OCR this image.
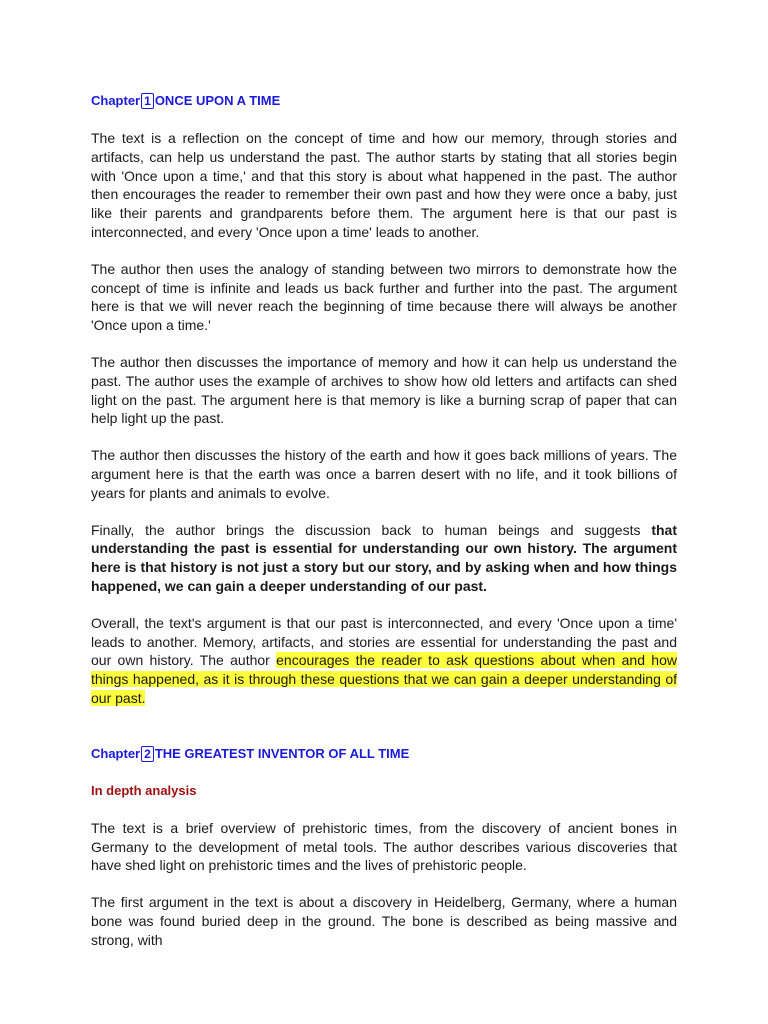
Chapter 1 ONCE UPON A TIME

The text is a reflection on the concept of time and how our memory, through stories and artifacts, can help us understand the past. The author starts by stating that all stories begin with 'Once upon a time,' and that this story is about what happened in the past. The author then encourages the reader to remember their own past and how they were once a baby, just like their parents and grandparents before them. The argument here is that our past is interconnected, and every 'Once upon a time' leads to another.

The author then uses the analogy of standing between two mirrors to demonstrate how the concept of time is infinite and leads us back further and further into the past. The argument here is that we will never reach the beginning of time because there will always be another 'Once upon a time.'

The author then discusses the importance of memory and how it can help us understand the past. The author uses the example of archives to show how old letters and artifacts can shed light on the past. The argument here is that memory is like a burning scrap of paper that can help light up the past.

The author then discusses the history of the earth and how it goes back millions of years. The argument here is that the earth was once a barren desert with no life, and it took billions of years for plants and animals to evolve.

Finally, the author brings the discussion back to human beings and suggests that understanding the past is essential for understanding our own history. The argument here is that history is not just a story but our story, and by asking when and how things happened, we can gain a deeper understanding of our past.

Overall, the text's argument is that our past is interconnected, and every 'Once upon a time' leads to another. Memory, artifacts, and stories are essential for understanding the past and our own history. The author encourages the reader to ask questions about when and how things happened, as it is through these questions that we can gain a deeper understanding of our past.

Chapter 2 THE GREATEST INVENTOR OF ALL TIME
In depth analysis

The text is a brief overview of prehistoric times, from the discovery of ancient bones in Germany to the development of metal tools. The author describes various discoveries that have shed light on prehistoric times and the lives of prehistoric people.

The first argument in the text is about a discovery in Heidelberg, Germany, where a human bone was found buried deep in the ground. The bone is described as being massive and strong, with
